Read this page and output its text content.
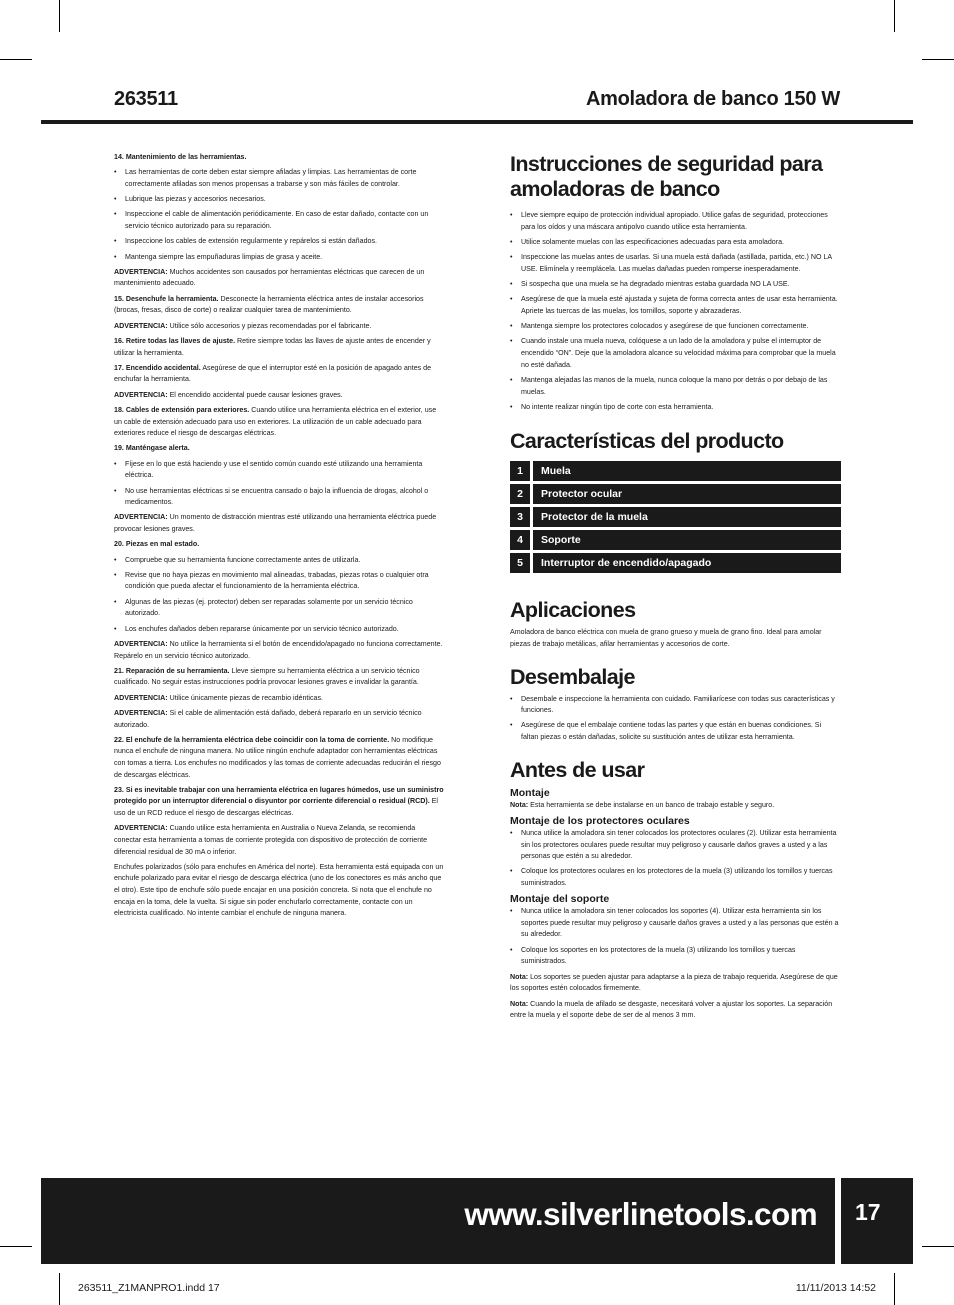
263511	Amoladora de banco 150 W

14. Mantenimiento de las herramientas.

• Las herramientas de corte deben estar siempre afiladas y limpias. Las herramientas de corte correctamente afiladas son menos propensas a trabarse y son más fáciles de controlar.
• Lubrique las piezas y accesorios necesarios.
• Inspeccione el cable de alimentación periódicamente. En caso de estar dañado, contacte con un servicio técnico autorizado para su reparación.
• Inspeccione los cables de extensión regularmente y repárelos si están dañados.
• Mantenga siempre las empuñaduras limpias de grasa y aceite.

ADVERTENCIA: Muchos accidentes son causados por herramientas eléctricas que carecen de un mantenimiento adecuado.

15. Desenchufe la herramienta. Desconecte la herramienta eléctrica antes de instalar accesorios (brocas, fresas, disco de corte) o realizar cualquier tarea de mantenimiento.

ADVERTENCIA: Utilice sólo accesorios y piezas recomendadas por el fabricante.

16. Retire todas las llaves de ajuste. Retire siempre todas las llaves de ajuste antes de encender y utilizar la herramienta.

17. Encendido accidental. Asegúrese de que el interruptor esté en la posición de apagado antes de enchufar la herramienta.

ADVERTENCIA: El encendido accidental puede causar lesiones graves.

18. Cables de extensión para exteriores. Cuando utilice una herramienta eléctrica en el exterior, use un cable de extensión adecuado para uso en exteriores. La utilización de un cable adecuado para exteriores reduce el riesgo de descargas eléctricas.

19. Manténgase alerta.

• Fíjese en lo que está haciendo y use el sentido común cuando esté utilizando una herramienta eléctrica.
• No use herramientas eléctricas si se encuentra cansado o bajo la influencia de drogas, alcohol o medicamentos.

ADVERTENCIA: Un momento de distracción mientras esté utilizando una herramienta eléctrica puede provocar lesiones graves.

20. Piezas en mal estado.

• Compruebe que su herramienta funcione correctamente antes de utilizarla.
• Revise que no haya piezas en movimiento mal alineadas, trabadas, piezas rotas o cualquier otra condición que pueda afectar el funcionamiento de la herramienta eléctrica.
• Algunas de las piezas (ej. protector) deben ser reparadas solamente por un servicio técnico autorizado.
• Los enchufes dañados deben repararse únicamente por un servicio técnico autorizado.

ADVERTENCIA: No utilice la herramienta si el botón de encendido/apagado no funciona correctamente. Repárelo en un servicio técnico autorizado.

21. Reparación de su herramienta. Lleve siempre su herramienta eléctrica a un servicio técnico cualificado. No seguir estas instrucciones podría provocar lesiones graves e invalidar la garantía.

ADVERTENCIA: Utilice únicamente piezas de recambio idénticas.

ADVERTENCIA: Si el cable de alimentación está dañado, deberá repararlo en un servicio técnico autorizado.

22. El enchufe de la herramienta eléctrica debe coincidir con la toma de corriente. No modifique nunca el enchufe de ninguna manera. No utilice ningún enchufe adaptador con herramientas eléctricas con tomas a tierra. Los enchufes no modificados y las tomas de corriente adecuadas reducirán el riesgo de descargas eléctricas.

23. Si es inevitable trabajar con una herramienta eléctrica en lugares húmedos, use un suministro protegido por un interruptor diferencial o disyuntor por corriente diferencial o residual (RCD). El uso de un RCD reduce el riesgo de descargas eléctricas.

ADVERTENCIA: Cuando utilice esta herramienta en Australia o Nueva Zelanda, se recomienda conectar esta herramienta a tomas de corriente protegida con dispositivo de protección de corriente diferencial residual de 30 mA o inferior.

Enchufes polarizados (sólo para enchufes en América del norte). Esta herramienta está equipada con un enchufe polarizado para evitar el riesgo de descarga eléctrica (uno de los conectores es más ancho que el otro). Este tipo de enchufe sólo puede encajar en una posición concreta. Si nota que el enchufe no encaja en la toma, dele la vuelta. Si sigue sin poder enchufarlo correctamente, contacte con un electricista cualificado. No intente cambiar el enchufe de ninguna manera.

Instrucciones de seguridad para amoladoras de banco
• Lleve siempre equipo de protección individual apropiado. Utilice gafas de seguridad, protecciones para los oídos y una máscara antipolvo cuando utilice esta herramienta.
• Utilice solamente muelas con las especificaciones adecuadas para esta amoladora.
• Inspeccione las muelas antes de usarlas. Si una muela está dañada (astillada, partida, etc.) NO LA USE. Elimínela y reemplácela. Las muelas dañadas pueden romperse inesperadamente.
• Si sospecha que una muela se ha degradado mientras estaba guardada NO LA USE.
• Asegúrese de que la muela esté ajustada y sujeta de forma correcta antes de usar esta herramienta. Apriete las tuercas de las muelas, los tornillos, soporte y abrazaderas.
• Mantenga siempre los protectores colocados y asegúrese de que funcionen correctamente.
• Cuando instale una muela nueva, colóquese a un lado de la amoladora y pulse el interruptor de encendido “ON”. Deje que la amoladora alcance su velocidad máxima para comprobar que la muela no esté dañada.
• Mantenga alejadas las manos de la muela, nunca coloque la mano por detrás o por debajo de las muelas.
• No intente realizar ningún tipo de corte con esta herramienta.
Características del producto
1	Muela
2	Protector ocular
3	Protector de la muela
4	Soporte
5	Interruptor de encendido/apagado
Aplicaciones

Amoladora de banco eléctrica con muela de grano grueso y muela de grano fino. Ideal para amolar piezas de trabajo metálicas, afilar herramientas y accesorios de corte.

Desembalaje
• Desembale e inspeccione la herramienta con cuidado. Familiarícese con todas sus características y funciones.
• Asegúrese de que el embalaje contiene todas las partes y que están en buenas condiciones. Si faltan piezas o están dañadas, solicite su sustitución antes de utilizar esta herramienta.
Antes de usar
Montaje

Nota: Esta herramienta se debe instalarse en un banco de trabajo estable y seguro.

Montaje de los protectores oculares
• Nunca utilice la amoladora sin tener colocados los protectores oculares (2). Utilizar esta herramienta sin los protectores oculares puede resultar muy peligroso y causarle daños graves a usted y a las personas que estén a su alrededor.
• Coloque los protectores oculares en los protectores de la muela (3) utilizando los tornillos y tuercas suministrados.
Montaje del soporte
• Nunca utilice la amoladora sin tener colocados los soportes (4). Utilizar esta herramienta sin los soportes puede resultar muy peligroso y causarle daños graves a usted y a las personas que estén a su alrededor.
• Coloque los soportes en los protectores de la muela (3) utilizando los tornillos y tuercas suministrados.

Nota: Los soportes se pueden ajustar para adaptarse a la pieza de trabajo requerida. Asegúrese de que los soportes estén colocados firmemente.

Nota: Cuando la muela de afilado se desgaste, necesitará volver a ajustar los soportes. La separación entre la muela y el soporte debe de ser de al menos 3 mm.

www.silverlinetools.com 17
263511_Z1MANPRO1.indd 17	11/11/2013 14:52
